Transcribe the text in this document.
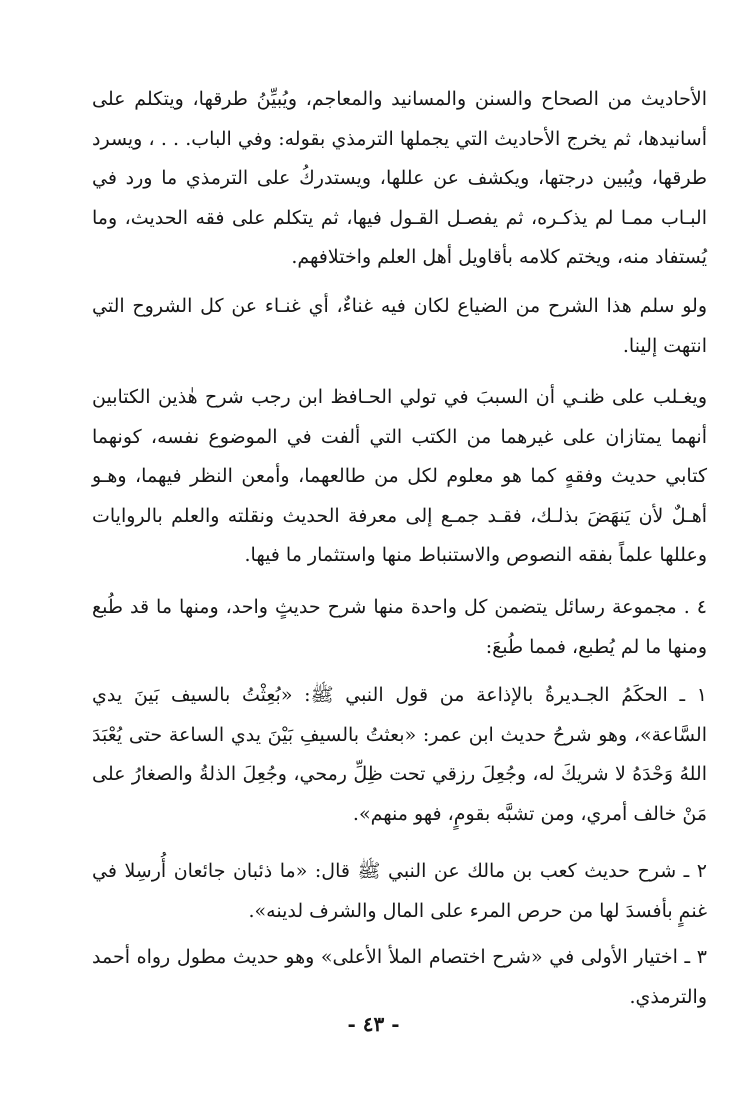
الأحاديث من الصحاح والسنن والمسانيد والمعاجم، ويُبيِّنُ طرقها، ويتكلم على أسانيدها، ثم يخرج الأحاديث التي يجملها الترمذي بقوله: وفي الباب. . . ، ويسرد طرقها، ويُبين درجتها، ويكشف عن عللها، ويستدركُ على الترمذي ما ورد في البـاب ممـا لم يذكـره، ثم يفصـل القـول فيها، ثم يتكلم على فقه الحديث، وما يُستفاد منه، ويختم كلامه بأقاويل أهل العلم واختلافهم.

ولو سلم هذا الشرح من الضياع لكان فيه غناءٌ، أي غنـاء عن كل الشروح التي انتهت إلينا.

ويغـلب على ظنـي أن السببَ في تولي الحـافظ ابن رجب شرح هٰذين الكتابين أنهما يمتازان على غيرهما من الكتب التي ألفت في الموضوع نفسه، كونهما كتابي حديث وفقهٍ كما هو معلوم لكل من طالعهما، وأمعن النظر فيهما، وهـو أهـلٌ لأن يَنهَضَ بذلـك، فقـد جمـع إلى معرفة الحديث ونقلته والعلم بالروايات وعللها علماً بفقه النصوص والاستنباط منها واستثمار ما فيها.

٤ . مجموعة رسائل يتضمن كل واحدة منها شرح حديثٍ واحد، ومنها ما قد طُبع ومنها ما لم يُطبع، فمما طُبعَ:

١ ـ الحكَمُ الجـديرةُ بالإذاعة من قول النبي ﷺ: «بُعِثْتُ بالسيف بَينَ يدي السَّاعة»، وهو شرحُ حديث ابن عمر: «بعثتُ بالسيفِ بَيْنَ يدي الساعة حتى يُعْبَدَ اللهُ وَحْدَهُ لا شريكَ له، وجُعِلَ رزقي تحت ظِلِّ رمحي، وجُعِلَ الذلةُ والصغارُ على مَنْ خالف أمري، ومن تشبَّه بقومٍ، فهو منهم».

٢ ـ شرح حديث كعب بن مالك عن النبي ﷺ قال: «ما ذئبان جائعان أُرسِلا في غنمٍ بأفسدَ لها من حرص المرء على المال والشرف لدينه».

٣ ـ اختيار الأولى في «شرح اختصام الملأ الأعلى» وهو حديث مطول رواه أحمد والترمذي.

- ٤٣ -
